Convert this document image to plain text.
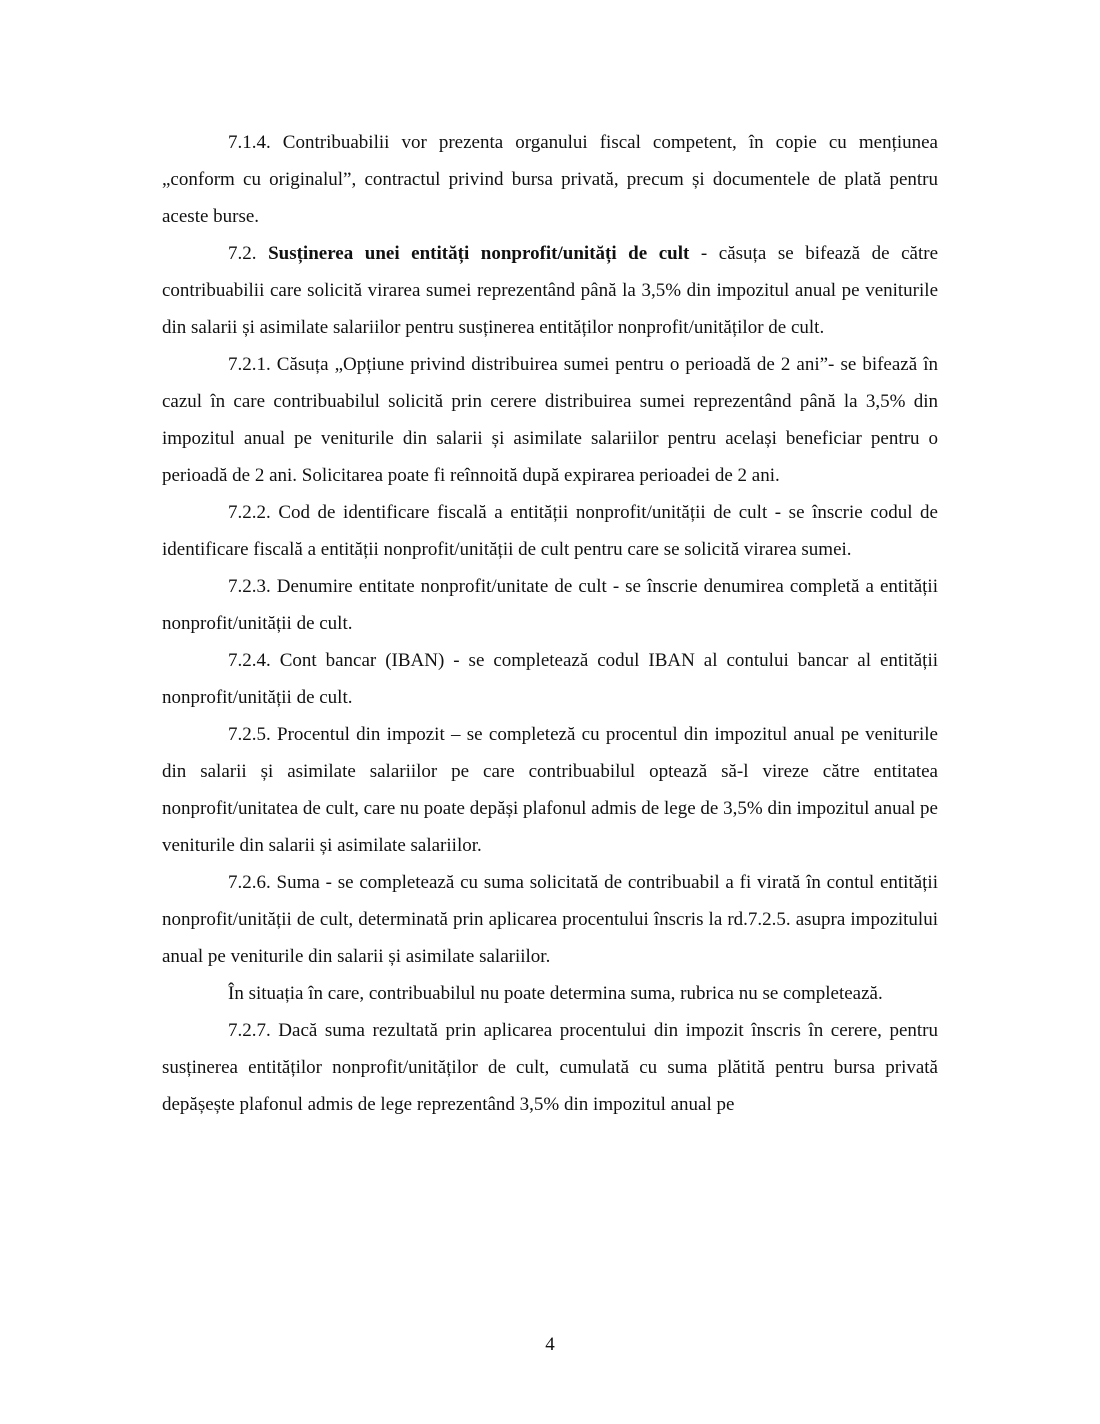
7.1.4. Contribuabilii vor prezenta organului fiscal competent, în copie cu mențiunea „conform cu originalul”, contractul privind bursa privată, precum și documentele de plată pentru aceste burse.

7.2. Susținerea unei entități nonprofit/unități de cult - căsuța se bifează de către contribuabilii care solicită virarea sumei reprezentând până la 3,5% din impozitul anual pe veniturile din salarii și asimilate salariilor pentru susținerea entităților nonprofit/unităților de cult.

7.2.1. Căsuța „Opțiune privind distribuirea sumei pentru o perioadă de 2 ani”- se bifează în cazul în care contribuabilul solicită prin cerere distribuirea sumei reprezentând până la 3,5% din impozitul anual pe veniturile din salarii și asimilate salariilor pentru același beneficiar pentru o perioadă de 2 ani. Solicitarea poate fi reînnoită după expirarea perioadei de 2 ani.

7.2.2. Cod de identificare fiscală a entității nonprofit/unității de cult - se înscrie codul de identificare fiscală a entității nonprofit/unității de cult pentru care se solicită virarea sumei.

7.2.3. Denumire entitate nonprofit/unitate de cult - se înscrie denumirea completă a entității nonprofit/unității de cult.

7.2.4. Cont bancar (IBAN) - se completează codul IBAN al contului bancar al entității nonprofit/unității de cult.

7.2.5. Procentul din impozit – se completeză cu procentul din impozitul anual pe veniturile din salarii și asimilate salariilor pe care contribuabilul optează să-l vireze către entitatea nonprofit/unitatea de cult, care nu poate depăși plafonul admis de lege de 3,5% din impozitul anual pe veniturile din salarii și asimilate salariilor.

7.2.6. Suma - se completează cu suma solicitată de contribuabil a fi virată în contul entității nonprofit/unității de cult, determinată prin aplicarea procentului înscris la rd.7.2.5. asupra impozitului anual pe veniturile din salarii și asimilate salariilor.

În situația în care, contribuabilul nu poate determina suma, rubrica nu se completează.

7.2.7. Dacă suma rezultată prin aplicarea procentului din impozit înscris în cerere, pentru susținerea entităților nonprofit/unităților de cult, cumulată cu suma plătită pentru bursa privată depășește plafonul admis de lege reprezentând 3,5% din impozitul anual pe

4
